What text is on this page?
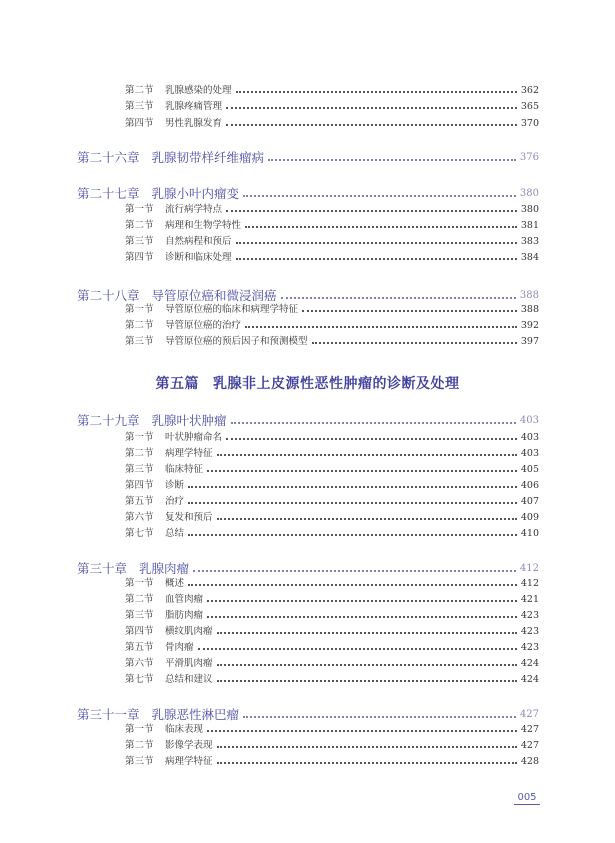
第二节	乳腺感染的处理	362
第三节	乳腺疼痛管理	365
第四节	男性乳腺发育	370
第二十六章 乳腺韧带样纤维瘤病	376
第二十七章 乳腺小叶内瘤变	380
第一节	流行病学特点	380
第二节	病理和生物学特性	381
第三节	自然病程和预后	383
第四节	诊断和临床处理	384
第二十八章 导管原位癌和微浸润癌	388
第一节	导管原位癌的临床和病理学特征	388
第二节	导管原位癌的治疗	392
第三节	导管原位癌的预后因子和预测模型	397
第二十九章 乳腺叶状肿瘤	403
第一节	叶状肿瘤命名	403
第二节	病理学特征	403
第三节	临床特征	405
第四节	诊断	406
第五节	治疗	407
第六节	复发和预后	409
第七节	总结	410
第三十章 乳腺肉瘤	412
第一节	概述	412
第二节	血管肉瘤	421
第三节	脂肪肉瘤	423
第四节	横纹肌肉瘤	423
第五节	骨肉瘤	423
第六节	平滑肌肉瘤	424
第七节	总结和建议	424
第三十一章 乳腺恶性淋巴瘤	427
第一节	临床表现	427
第二节	影像学表现	427
第三节	病理学特征	428
第五篇 乳腺非上皮源性恶性肿瘤的诊断及处理
005
